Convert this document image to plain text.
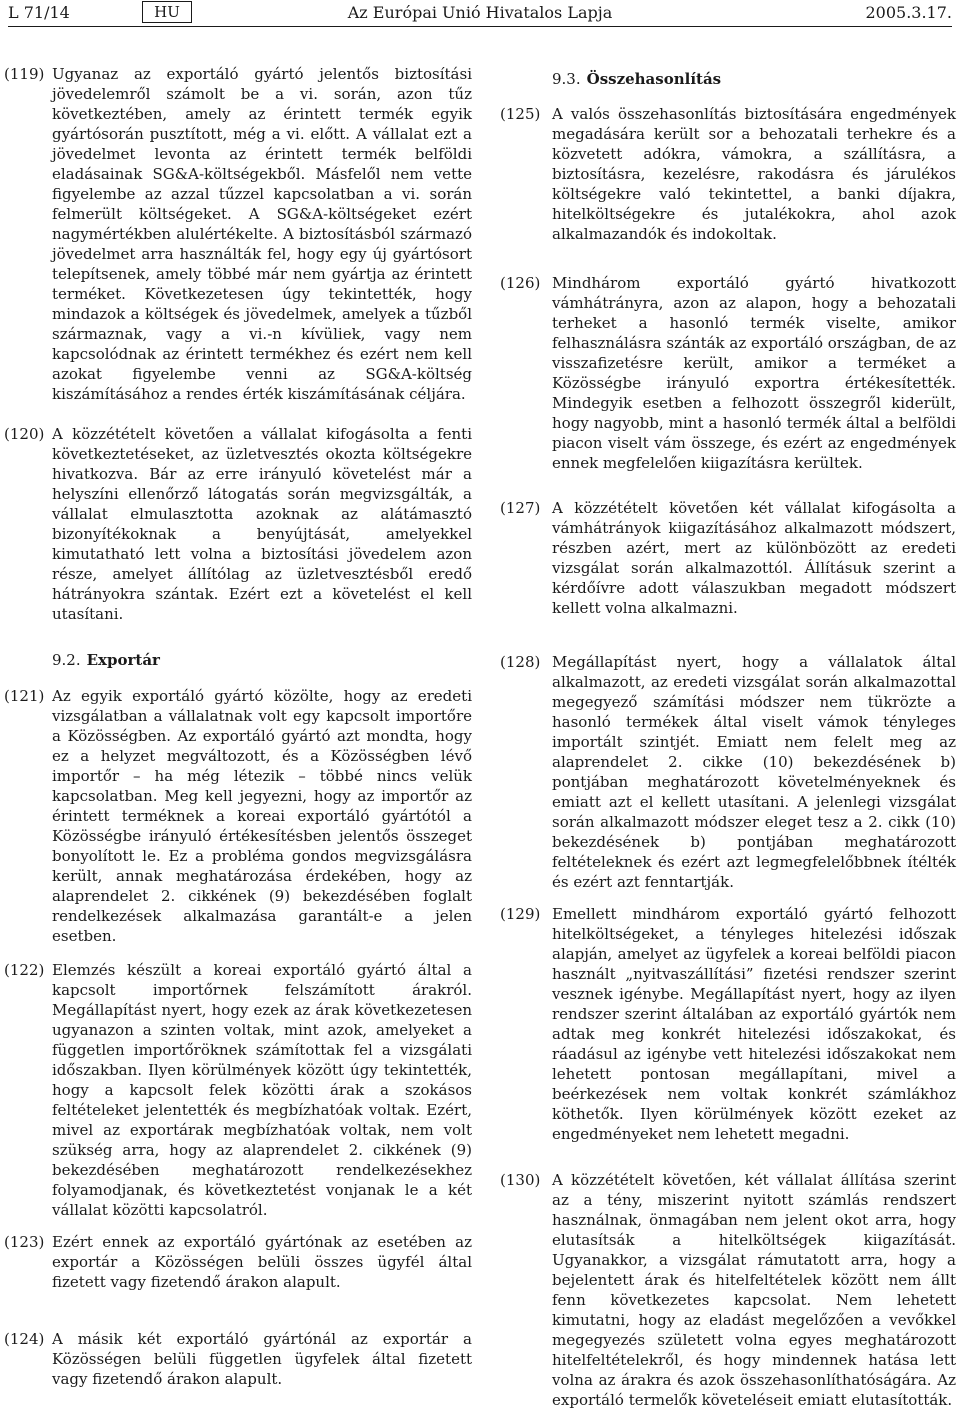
L 71/14	HU	Az Európai Unió Hivatalos Lapja	2005.3.17.
(119) Ugyanaz az exportáló gyártó jelentős biztosítási jövedelemről számolt be a vi. során, azon tűz következtében, amely az érintett termék egyik gyártósorán pusztított, még a vi. előtt. A vállalat ezt a jövedelmet levonta az érintett termék belföldi eladásainak SG&A-költségekből. Másfelől nem vette figyelembe az azzal tűzzel kapcsolatban a vi. során felmerült költségeket. A SG&A-költségeket ezért nagymértékben alulértékelte. A biztosításból származó jövedelmet arra használták fel, hogy egy új gyártósort telepítsenek, amely többé már nem gyártja az érintett terméket. Következetesen úgy tekintették, hogy mindazok a költségek és jövedelmek, amelyek a tűzből származnak, vagy a vi.-n kívüliek, vagy nem kapcsolódnak az érintett termékhez és ezért nem kell azokat figyelembe venni az SG&A-költség kiszámításához a rendes érték kiszámításának céljára.
(120) A közzétételt követően a vállalat kifogásolta a fenti következtetéseket, az üzletvesztés okozta költségekre hivatkozva. Bár az erre irányuló követelést már a helyszíni ellenőrző látogatás során megvizsgálták, a vállalat elmulasztotta azoknak az alátámasztó bizonyítékoknak a benyújtását, amelyekkel kimutatható lett volna a biztosítási jövedelem azon része, amelyet állítólag az üzletvesztésből eredő hátrányokra szántak. Ezért ezt a követelést el kell utasítani.
9.3. Összehasonlítás
(125) A valós összehasonlítás biztosítására engedmények megadására került sor a behozatali terhekre és a közvetett adókra, vámokra, a szállításra, a biztosításra, kezelésre, rakodásra és járulékos költségekre való tekintettel, a banki díjakra, hitelköltségekre és jutalékokra, ahol azok alkalmazandók és indokoltak.
(126) Mindhárom exportáló gyártó hivatkozott vámhátrányra, azon az alapon, hogy a behozatali terheket a hasonló termék viselte, amikor felhasználásra szánták az exportáló országban, de az visszafizetésre került, amikor a terméket a Közösségbe irányuló exportra értékesítették. Mindegyik esetben a felhozott összegről kiderült, hogy nagyobb, mint a hasonló termék által a belföldi piacon viselt vám összege, és ezért az engedmények ennek megfelelően kiigazításra kerültek.
(127) A közzétételt követően két vállalat kifogásolta a vámhátrányok kiigazításához alkalmazott módszert, részben azért, mert az különbözött az eredeti vizsgálat során alkalmazottól. Állításuk szerint a kérdőívre adott válaszukban megadott módszert kellett volna alkalmazni.
9.2. Exportár
(121) Az egyik exportáló gyártó közölte, hogy az eredeti vizsgálatban a vállalatnak volt egy kapcsolt importőre a Közösségben. Az exportáló gyártó azt mondta, hogy ez a helyzet megváltozott, és a Közösségben lévő importőr – ha még létezik – többé nincs velük kapcsolatban. Meg kell jegyezni, hogy az importőr az érintett terméknek a koreai exportáló gyártótól a Közösségbe irányuló értékesítésben jelentős összeget bonyolított le. Ez a probléma gondos megvizsgálásra került, annak meghatározása érdekében, hogy az alaprendelet 2. cikkének (9) bekezdésében foglalt rendelkezések alkalmazása garantált-e a jelen esetben.
(122) Elemzés készült a koreai exportáló gyártó által a kapcsolt importőrnek felszámított árakról. Megállapítást nyert, hogy ezek az árak következetesen ugyanazon a szinten voltak, mint azok, amelyeket a független importőröknek számítottak fel a vizsgálati időszakban. Ilyen körülmények között úgy tekintették, hogy a kapcsolt felek közötti árak a szokásos feltételeket jelentették és megbízhatóak voltak. Ezért, mivel az exportárak megbízhatóak voltak, nem volt szükség arra, hogy az alaprendelet 2. cikkének (9) bekezdésében meghatározott rendelkezésekhez folyamodjanak, és következtetést vonjanak le a két vállalat közötti kapcsolatról.
(123) Ezért ennek az exportáló gyártónak az esetében az exportár a Közösségen belüli összes ügyfél által fizetett vagy fizetendő árakon alapult.
(124) A másik két exportáló gyártónál az exportár a Közösségen belüli független ügyfelek által fizetett vagy fizetendő árakon alapult.
(128) Megállapítást nyert, hogy a vállalatok által alkalmazott, az eredeti vizsgálat során alkalmazottal megegyező számítási módszer nem tükrözte a hasonló termékek által viselt vámok tényleges importált szintjét. Emiatt nem felelt meg az alaprendelet 2. cikke (10) bekezdésének b) pontjában meghatározott követelményeknek és emiatt azt el kellett utasítani. A jelenlegi vizsgálat során alkalmazott módszer eleget tesz a 2. cikk (10) bekezdésének b) pontjában meghatározott feltételeknek és ezért azt legmegfelelőbbnek ítélték és ezért azt fenntartják.
(129) Emellett mindhárom exportáló gyártó felhozott hitelköltségeket, a tényleges hitelezési időszak alapján, amelyet az ügyfelek a koreai belföldi piacon használt „nyitvaszállítási” fizetési rendszer szerint vesznek igénybe. Megállapítást nyert, hogy az ilyen rendszer szerint általában az exportáló gyártók nem adtak meg konkrét hitelezési időszakokat, és ráadásul az igénybe vett hitelezési időszakokat nem lehetett pontosan megállapítani, mivel a beérkezések nem voltak konkrét számlákhoz köthetők. Ilyen körülmények között ezeket az engedményeket nem lehetett megadni.
(130) A közzétételt követően, két vállalat állítása szerint az a tény, miszerint nyitott számlás rendszert használnak, önmagában nem jelent okot arra, hogy elutasítsák a hitelköltségek kiigazítását. Ugyanakkor, a vizsgálat rámutatott arra, hogy a bejelentett árak és hitelfeltételek között nem állt fenn következetes kapcsolat. Nem lehetett kimutatni, hogy az eladást megelőzően a vevőkkel megegyezés született volna egyes meghatározott hitelfeltételekről, és hogy mindennek hatása lett volna az árakra és azok összehasonlíthatóságára. Az exportáló termelők követeléseit emiatt elutasították.
